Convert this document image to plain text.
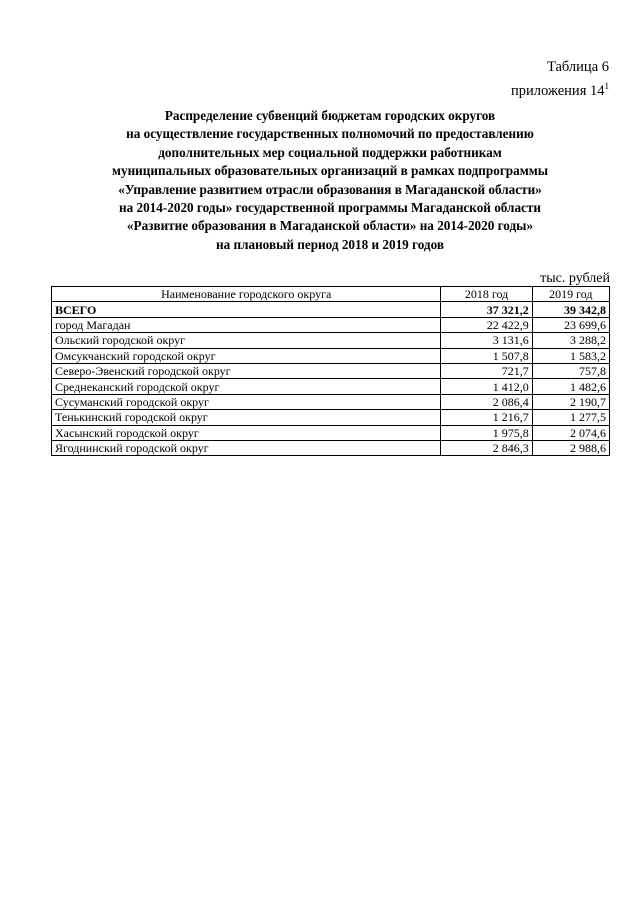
Таблица 6
приложения $14^1$
Распределение субвенций бюджетам городских округов
на осуществление государственных полномочий по предоставлению
дополнительных мер социальной поддержки работникам
муниципальных образовательных организаций в рамках подпрограммы
«Управление развитием отрасли образования в Магаданской области»
на 2014-2020 годы» государственной программы Магаданской области
«Развитие образования в Магаданской области» на 2014-2020 годы»
на плановый период 2018 и 2019 годов
тыс. рублей
Наименование городского округа	2018 год	2019 год
ВСЕГО	37 321,2	39 342,8
город Магадан	22 422,9	23 699,6
Ольский городской округ	3 131,6	3 288,2
Омсукчанский городской округ	1 507,8	1 583,2
Северо-Эвенский городской округ	721,7	757,8
Среднеканский городской округ	1 412,0	1 482,6
Сусуманский городской округ	2 086,4	2 190,7
Тенькинский городской округ	1 216,7	1 277,5
Хасынский городской округ	1 975,8	2 074,6
Ягоднинский городской округ	2 846,3	2 988,6
